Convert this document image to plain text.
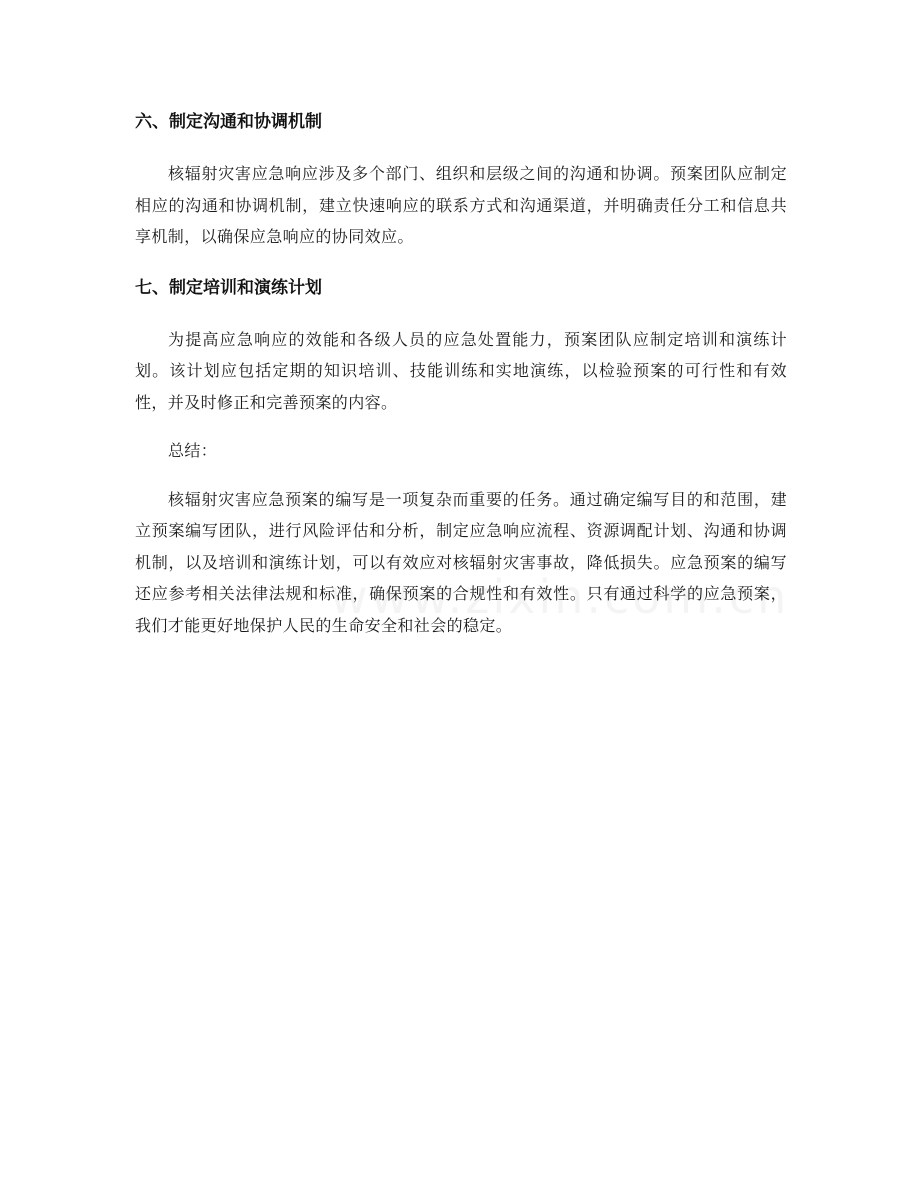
六、制定沟通和协调机制

核辐射灾害应急响应涉及多个部门、组织和层级之间的沟通和协调。预案团队应制定相应的沟通和协调机制，建立快速响应的联系方式和沟通渠道，并明确责任分工和信息共享机制，以确保应急响应的协同效应。

七、制定培训和演练计划

为提高应急响应的效能和各级人员的应急处置能力，预案团队应制定培训和演练计划。该计划应包括定期的知识培训、技能训练和实地演练，以检验预案的可行性和有效性，并及时修正和完善预案的内容。

总结：

核辐射灾害应急预案的编写是一项复杂而重要的任务。通过确定编写目的和范围，建立预案编写团队，进行风险评估和分析，制定应急响应流程、资源调配计划、沟通和协调机制，以及培训和演练计划，可以有效应对核辐射灾害事故，降低损失。应急预案的编写还应参考相关法律法规和标准，确保预案的合规性和有效性。只有通过科学的应急预案，我们才能更好地保护人民的生命安全和社会的稳定。
